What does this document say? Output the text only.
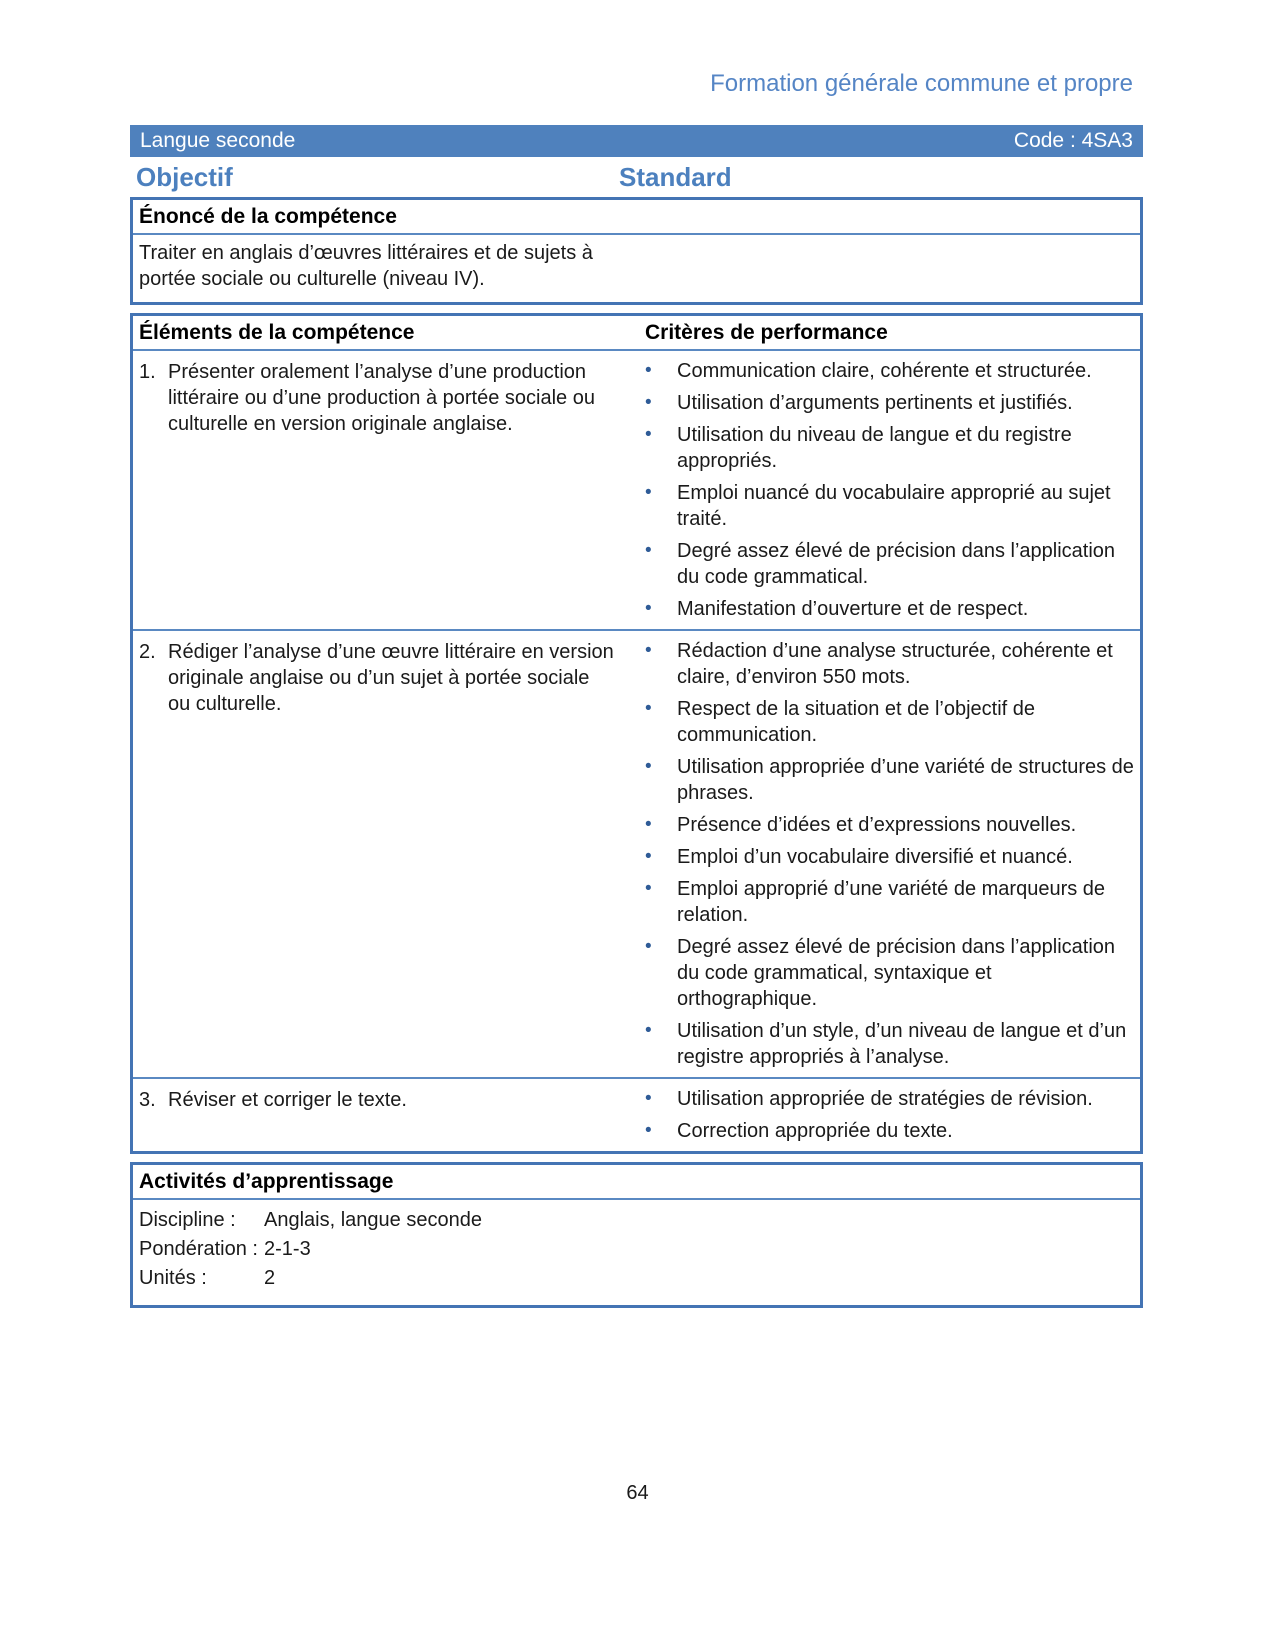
Formation générale commune et propre
Langue seconde	Code : 4SA3
Objectif	Standard
Énoncé de la compétence
Traiter en anglais d’œuvres littéraires et de sujets à portée sociale ou culturelle (niveau IV).
Éléments de la compétence	Critères de performance
1. Présenter oralement l’analyse d’une production littéraire ou d’une production à portée sociale ou culturelle en version originale anglaise.
• Communication claire, cohérente et structurée.
• Utilisation d’arguments pertinents et justifiés.
• Utilisation du niveau de langue et du registre appropriés.
• Emploi nuancé du vocabulaire approprié au sujet traité.
• Degré assez élevé de précision dans l’application du code grammatical.
• Manifestation d’ouverture et de respect.
2. Rédiger l’analyse d’une œuvre littéraire en version originale anglaise ou d’un sujet à portée sociale ou culturelle.
• Rédaction d’une analyse structurée, cohérente et claire, d’environ 550 mots.
• Respect de la situation et de l’objectif de communication.
• Utilisation appropriée d’une variété de structures de phrases.
• Présence d’idées et d’expressions nouvelles.
• Emploi d’un vocabulaire diversifié et nuancé.
• Emploi approprié d’une variété de marqueurs de relation.
• Degré assez élevé de précision dans l’application du code grammatical, syntaxique et orthographique.
• Utilisation d’un style, d’un niveau de langue et d’un registre appropriés à l’analyse.
3. Réviser et corriger le texte.	• Utilisation appropriée de stratégies de révision.
• Correction appropriée du texte.
Activités d’apprentissage
Discipline :	Anglais, langue seconde
Pondération : 2-1-3
Unités :	2
64
